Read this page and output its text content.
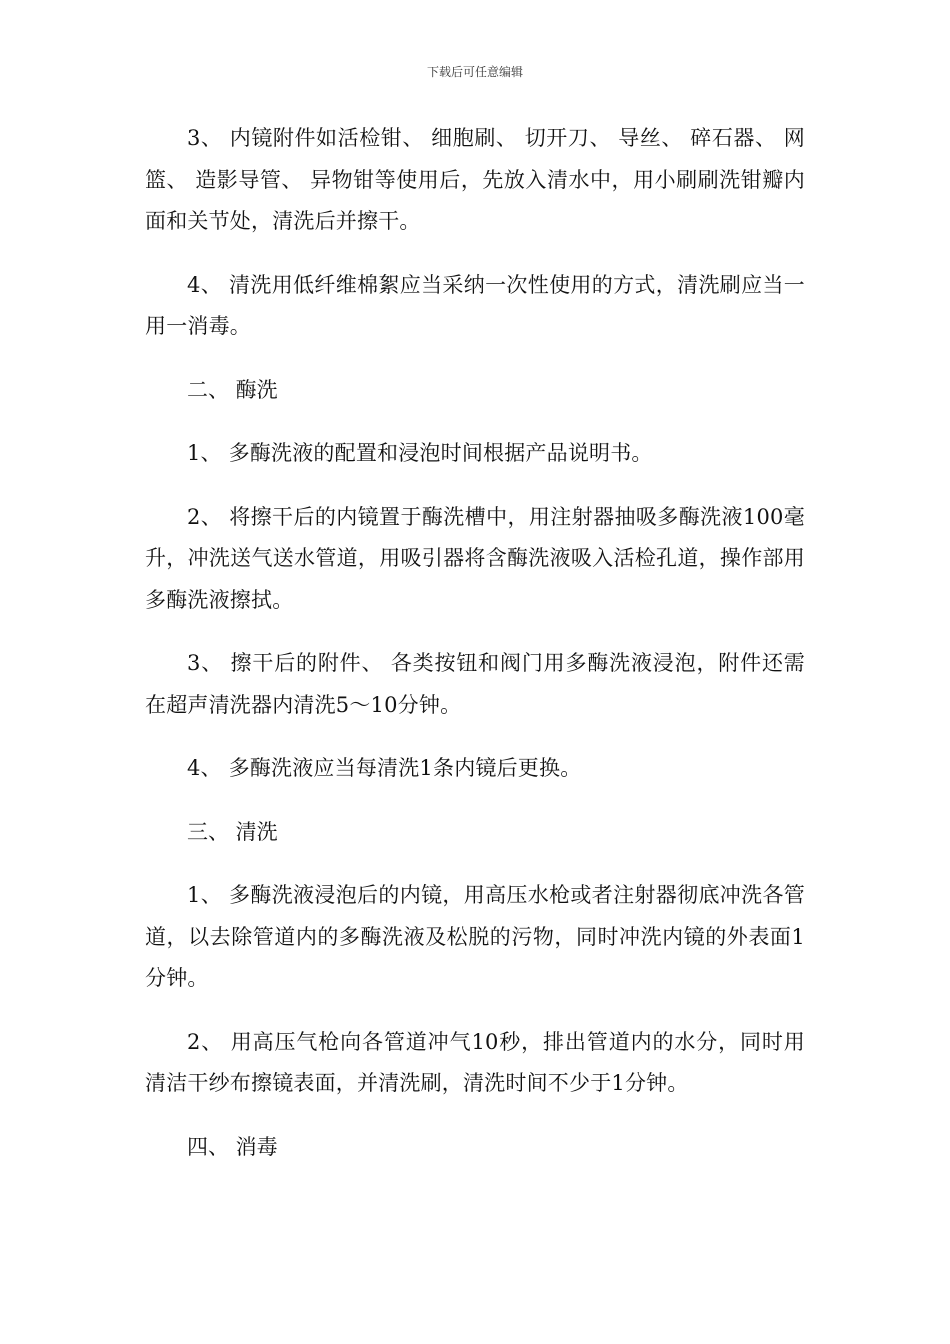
下载后可任意编辑

3、 内镜附件如活检钳、 细胞刷、 切开刀、 导丝、 碎石器、 网篮、 造影导管、 异物钳等使用后，先放入清水中，用小刷刷洗钳瓣内面和关节处，清洗后并擦干。

4、 清洗用低纤维棉絮应当采纳一次性使用的方式，清洗刷应当一用一消毒。

二、 酶洗

1、 多酶洗液的配置和浸泡时间根据产品说明书。

2、 将擦干后的内镜置于酶洗槽中，用注射器抽吸多酶洗液100毫升，冲洗送气送水管道，用吸引器将含酶洗液吸入活检孔道，操作部用多酶洗液擦拭。

3、 擦干后的附件、 各类按钮和阀门用多酶洗液浸泡，附件还需在超声清洗器内清洗5～10分钟。

4、 多酶洗液应当每清洗1条内镜后更换。

三、 清洗

1、 多酶洗液浸泡后的内镜，用高压水枪或者注射器彻底冲洗各管道，以去除管道内的多酶洗液及松脱的污物，同时冲洗内镜的外表面1分钟。

2、 用高压气枪向各管道冲气10秒，排出管道内的水分，同时用清洁干纱布擦镜表面，并清洗刷，清洗时间不少于1分钟。

四、 消毒
